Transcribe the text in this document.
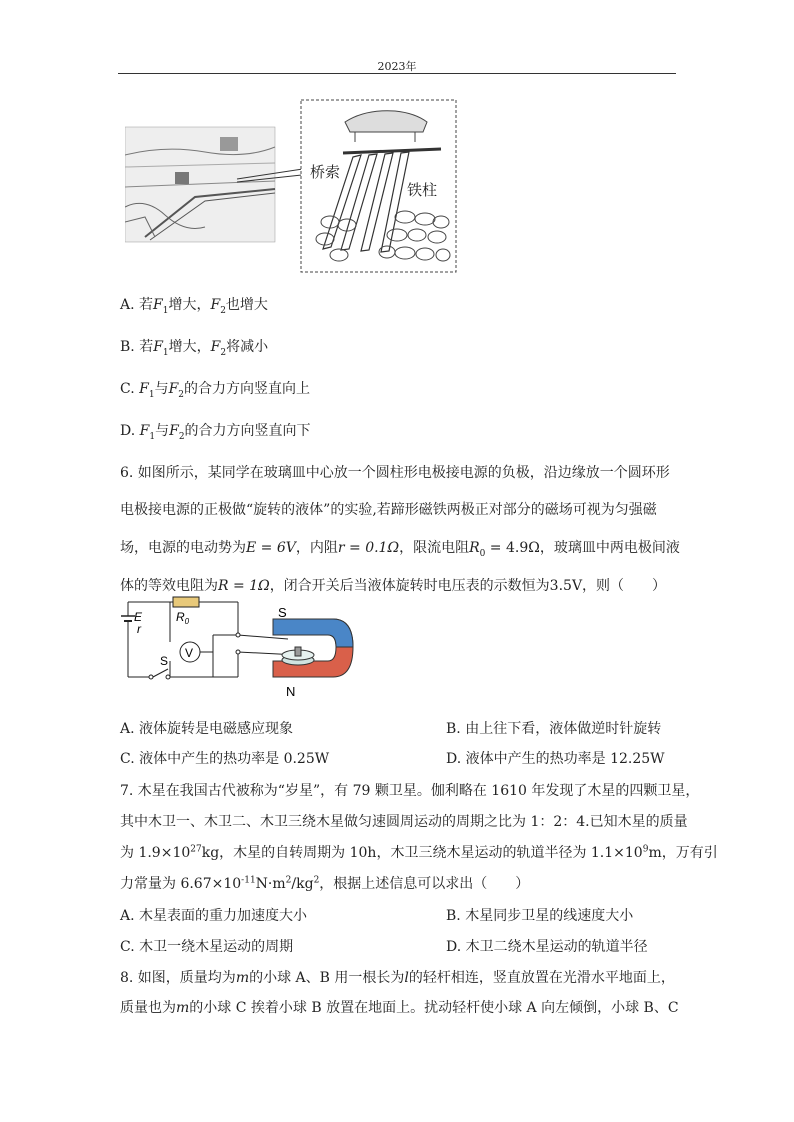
2023年
桥索
铁柱
A. 若$F_1$增大，$F_2$也增大
B. 若$F_1$增大，$F_2$将减小
C. $F_1$与$F_2$的合力方向竖直向上
D. $F_1$与$F_2$的合力方向竖直向下
6. 如图所示，某同学在玻璃皿中心放一个圆柱形电极接电源的负极，沿边缘放一个圆环形
电极接电源的正极做“旋转的液体”的实验,若蹄形磁铁两极正对部分的磁场可视为匀强磁
场，电源的电动势为E = 6V，内阻r = 0.1Ω，限流电阻$R_0 = 4.9\Omega$，玻璃皿中两电极间液
体的等效电阻为R = 1Ω，闭合开关后当液体旋转时电压表的示数恒为3.5V，则（　　）
V
E
r
$R_0$
S
S
N
A. 液体旋转是电磁感应现象	B. 由上往下看，液体做逆时针旋转
C. 液体中产生的热功率是 0.25W	D. 液体中产生的热功率是 12.25W
7. 木星在我国古代被称为“岁星”，有 79 颗卫星。伽利略在 1610 年发现了木星的四颗卫星，
其中木卫一、木卫二、木卫三绕木星做匀速圆周运动的周期之比为 1：2：4.已知木星的质量
为 $1.9\times 10^{27}kg$，木星的自转周期为 10h，木卫三绕木星运动的轨道半径为 $1.1\times 10^9m$，万有引
力常量为 $6.67\times 10^{-11}N\cdot m^2/kg^2$，根据上述信息可以求出（　　）
A. 木星表面的重力加速度大小	B. 木星同步卫星的线速度大小
C. 木卫一绕木星运动的周期	D. 木卫二绕木星运动的轨道半径
8. 如图，质量均为m的小球 A、B 用一根长为l的轻杆相连，竖直放置在光滑水平地面上，
质量也为m的小球 C 挨着小球 B 放置在地面上。扰动轻杆使小球 A 向左倾倒，小球 B、C
